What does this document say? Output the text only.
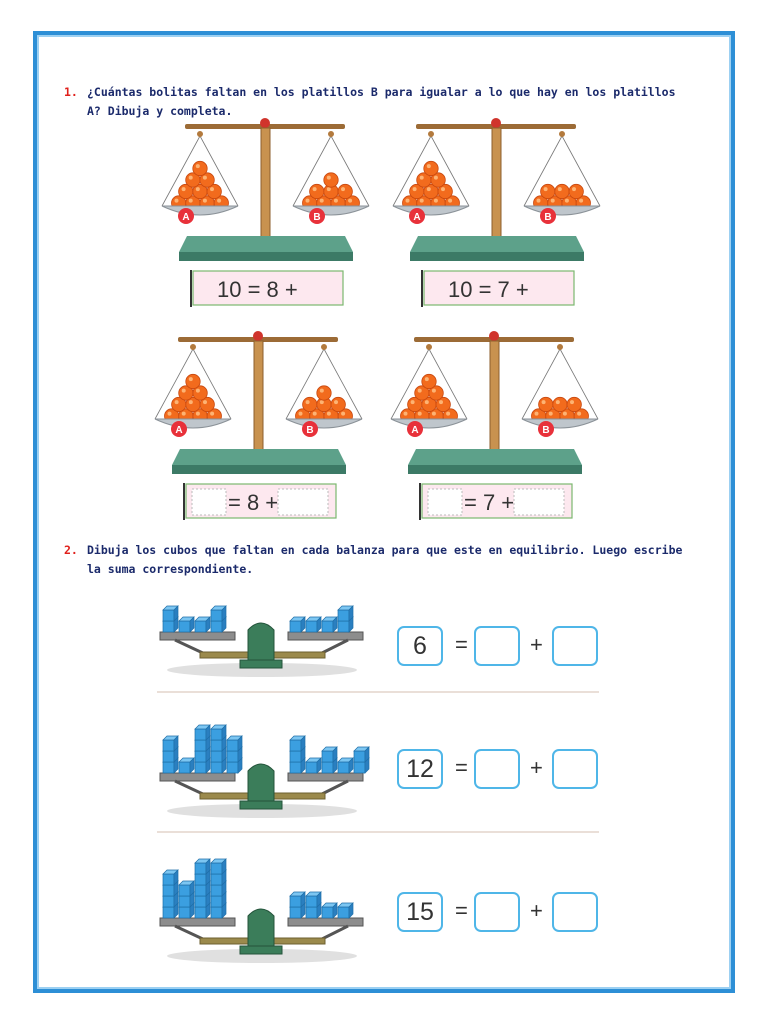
1. ¿Cuántas bolitas faltan en los platillos B para igualar a lo que hay en los platillos A? Dibuja y completa.
A	B
10 = 8 +
A	B
10 = 7 +
A	B
= 8 +
A	B
= 7 +
2. Dibuja los cubos que faltan en cada balanza para que este en equilibrio. Luego escribe la suma correspondiente.
6	=	+
12 =	+
15 =	+
